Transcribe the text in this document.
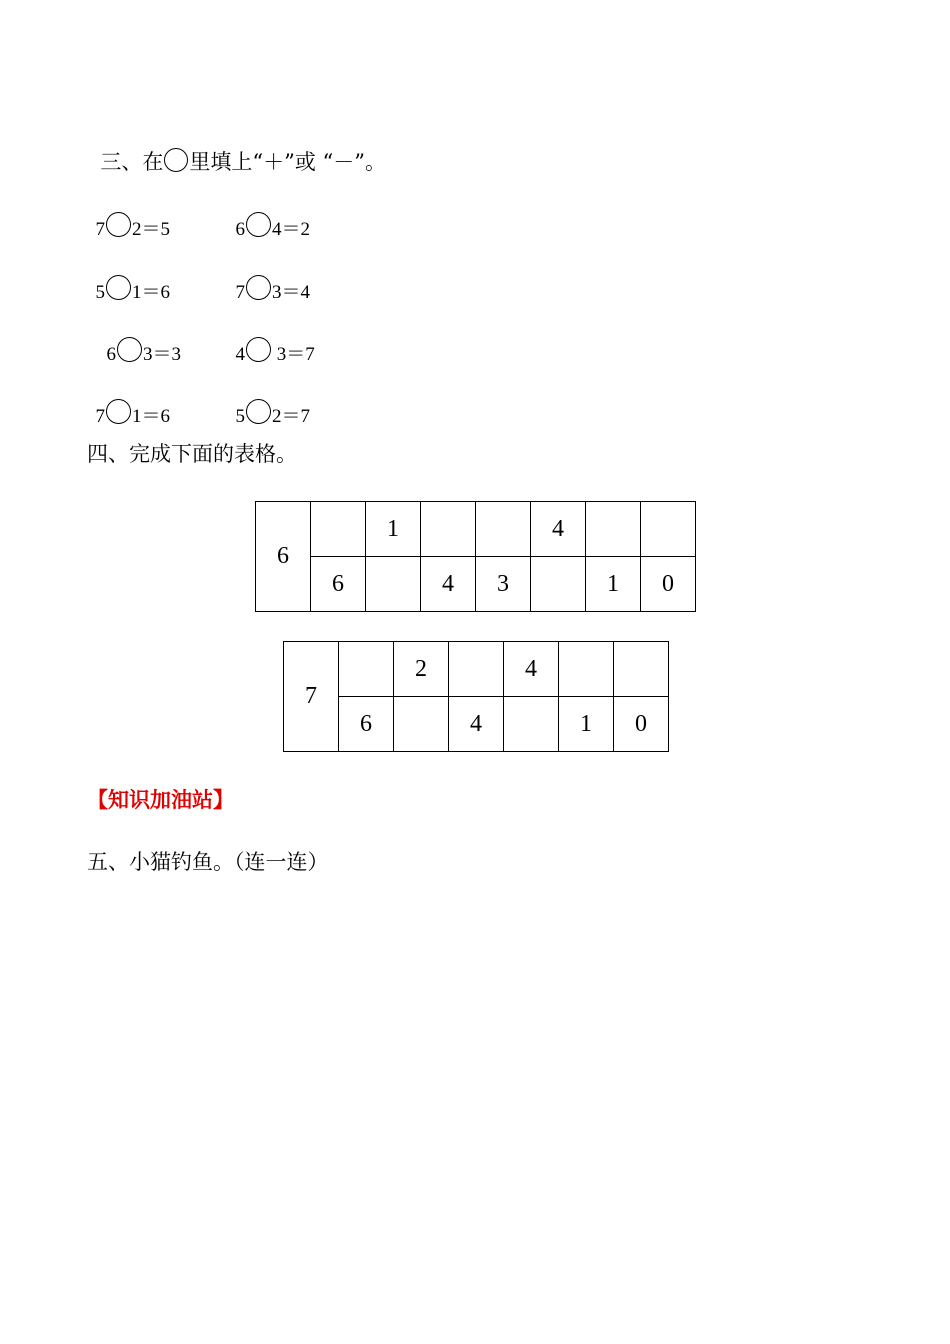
三、在 里填上“＋”或 “－”。

7 2＝5	6 4＝2

5 1＝6	7 3＝4

6 3＝3	4 3＝7

7 1＝6	5 2＝7

四、完成下面的表格。
6		1			4		
	6		4	3		1	0
7		2		4		
	6		4		1	0
【知识加油站】
五、小猫钓鱼。（连一连）
